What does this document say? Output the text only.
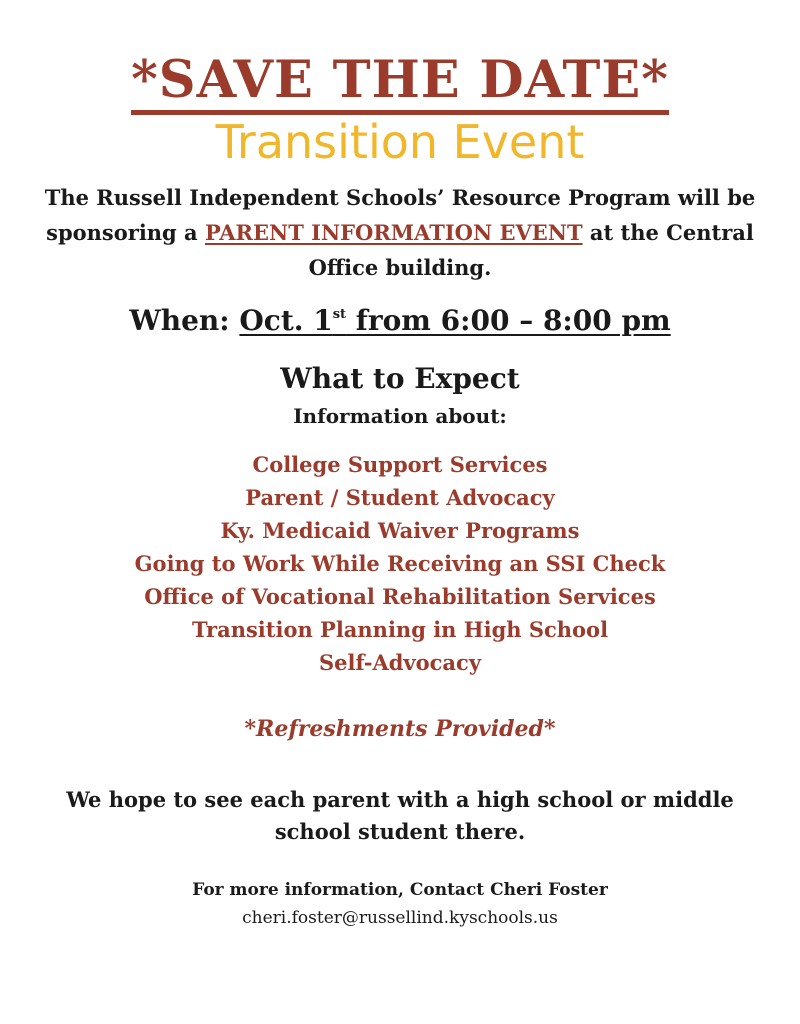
*SAVE THE DATE*
Transition Event
The Russell Independent Schools’ Resource Program will be sponsoring a PARENT INFORMATION EVENT at the Central Office building.
When: Oct. 1st from 6:00 – 8:00 pm
What to Expect
Information about:
College Support Services
Parent / Student Advocacy
Ky. Medicaid Waiver Programs
Going to Work While Receiving an SSI Check
Office of Vocational Rehabilitation Services
Transition Planning in High School
Self-Advocacy
*Refreshments Provided*
We hope to see each parent with a high school or middle school student there.
For more information, Contact Cheri Foster
cheri.foster@russellind.kyschools.us
